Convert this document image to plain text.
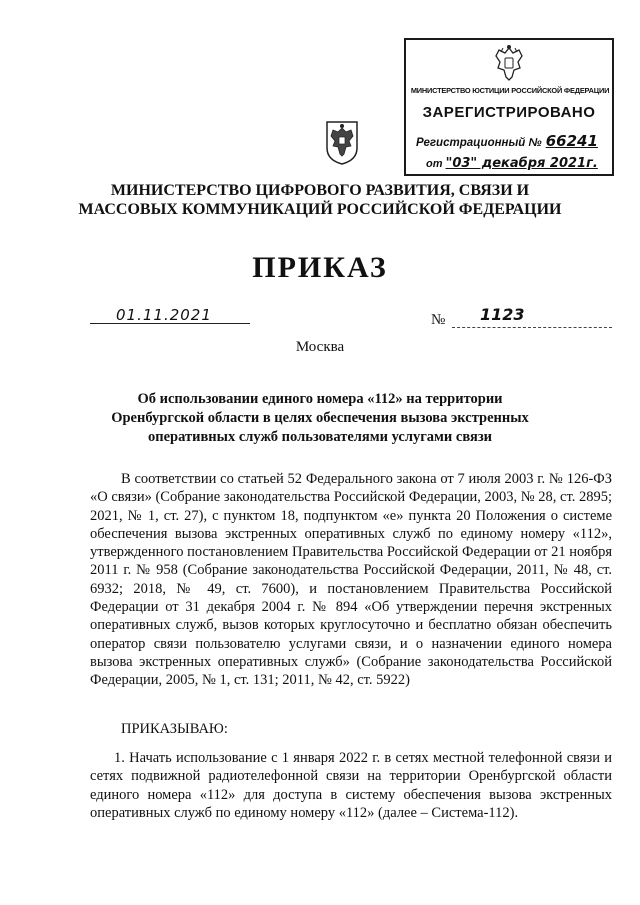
МИНИСТЕРСТВО ЮСТИЦИИ РОССИЙСКОЙ ФЕДЕРАЦИИ
ЗАРЕГИСТРИРОВАНО
Регистрационный № 66241
от "03" декабря 2021г.
МИНИСТЕРСТВО ЦИФРОВОГО РАЗВИТИЯ, СВЯЗИ И МАССОВЫХ КОММУНИКАЦИЙ РОССИЙСКОЙ ФЕДЕРАЦИИ
ПРИКАЗ
01.11.2021	№ 1123
Москва
Об использовании единого номера «112» на территории Оренбургской области в целях обеспечения вызова экстренных оперативных служб пользователями услугами связи
В соответствии со статьей 52 Федерального закона от 7 июля 2003 г. № 126-ФЗ «О связи» (Собрание законодательства Российской Федерации, 2003, № 28, ст. 2895; 2021, № 1, ст. 27), с пунктом 18, подпунктом «е» пункта 20 Положения о системе обеспечения вызова экстренных оперативных служб по единому номеру «112», утвержденного постановлением Правительства Российской Федерации от 21 ноября 2011 г. № 958 (Собрание законодательства Российской Федерации, 2011, № 48, ст. 6932; 2018, № 49, ст. 7600), и постановлением Правительства Российской Федерации от 31 декабря 2004 г. № 894 «Об утверждении перечня экстренных оперативных служб, вызов которых круглосуточно и бесплатно обязан обеспечить оператор связи пользователю услугами связи, и о назначении единого номера вызова экстренных оперативных служб» (Собрание законодательства Российской Федерации, 2005, № 1, ст. 131; 2011, № 42, ст. 5922)
ПРИКАЗЫВАЮ:
1. Начать использование с 1 января 2022 г. в сетях местной телефонной связи и сетях подвижной радиотелефонной связи на территории Оренбургской области единого номера «112» для доступа в систему обеспечения вызова экстренных оперативных служб по единому номеру «112» (далее – Система-112).
